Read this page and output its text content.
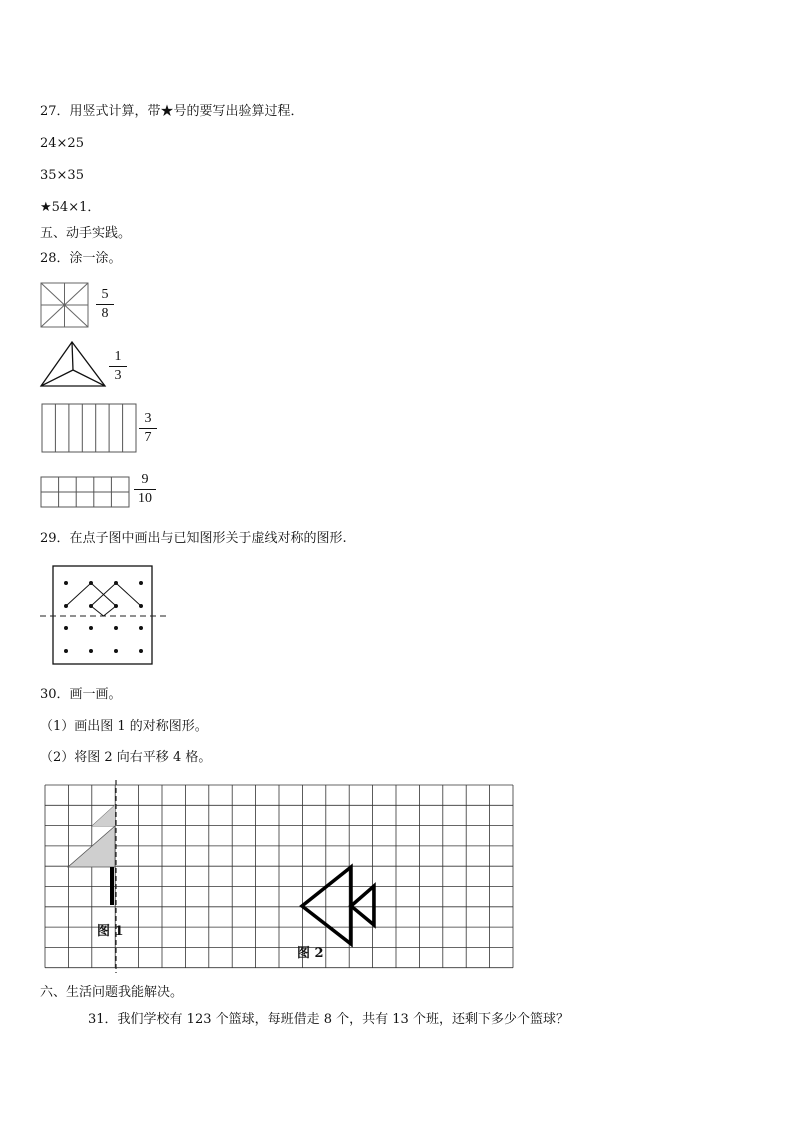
27．用竖式计算，带★号的要写出验算过程．
24×25
35×35
★54×1．
五、动手实践。
28．涂一涂。
5
8
1
3
3
7
9
10
29．在点子图中画出与已知图形关于虚线对称的图形.
30．画一画。
（1）画出图 1 的对称图形。
（2）将图 2 向右平移 4 格。
六、生活问题我能解决。
31．我们学校有 123 个篮球，每班借走 8 个，共有 13 个班，还剩下多少个篮球？
图 1
图 2
